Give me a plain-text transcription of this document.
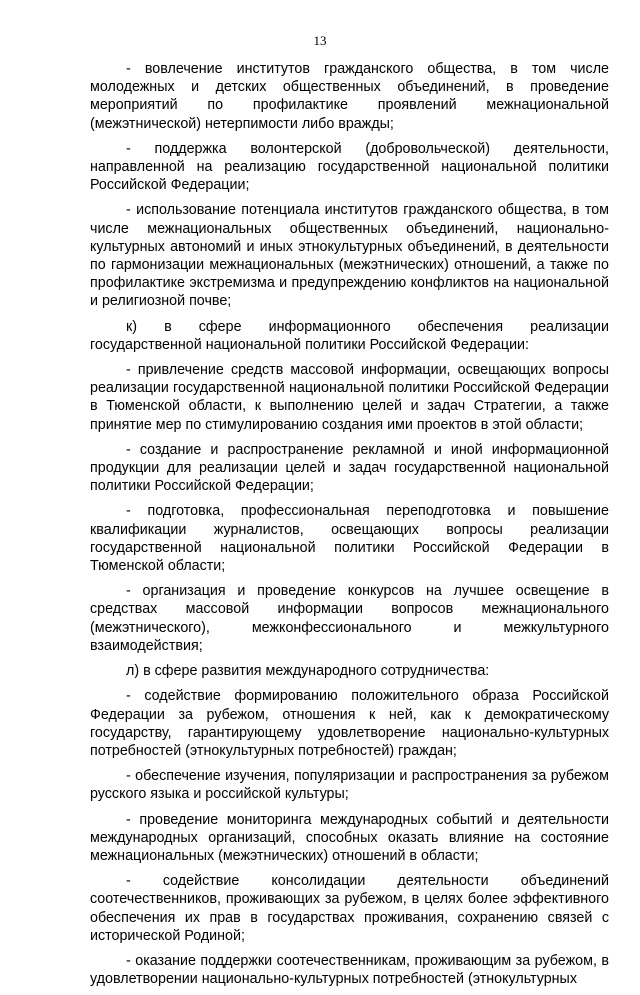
13

- вовлечение институтов гражданского общества, в том числе молодежных и детских общественных объединений, в проведение мероприятий по профилактике проявлений межнациональной (межэтнической) нетерпимости либо вражды;

- поддержка волонтерской (добровольческой) деятельности, направленной на реализацию государственной национальной политики Российской Федерации;

- использование потенциала институтов гражданского общества, в том числе межнациональных общественных объединений, национально-культурных автономий и иных этнокультурных объединений, в деятельности по гармонизации межнациональных (межэтнических) отношений, а также по профилактике экстремизма и предупреждению конфликтов на национальной и религиозной почве;

к) в сфере информационного обеспечения реализации государственной национальной политики Российской Федерации:

- привлечение средств массовой информации, освещающих вопросы реализации государственной национальной политики Российской Федерации в Тюменской области, к выполнению целей и задач Стратегии, а также принятие мер по стимулированию создания ими проектов в этой области;

- создание и распространение рекламной и иной информационной продукции для реализации целей и задач государственной национальной политики Российской Федерации;

- подготовка, профессиональная переподготовка и повышение квалификации журналистов, освещающих вопросы реализации государственной национальной политики Российской Федерации в Тюменской области;

- организация и проведение конкурсов на лучшее освещение в средствах массовой информации вопросов межнационального (межэтнического), межконфессионального и межкультурного взаимодействия;

л) в сфере развития международного сотрудничества:

- содействие формированию положительного образа Российской Федерации за рубежом, отношения к ней, как к демократическому государству, гарантирующему удовлетворение национально-культурных потребностей (этнокультурных потребностей) граждан;

- обеспечение изучения, популяризации и распространения за рубежом русского языка и российской культуры;

- проведение мониторинга международных событий и деятельности международных организаций, способных оказать влияние на состояние межнациональных (межэтнических) отношений в области;

- содействие консолидации деятельности объединений соотечественников, проживающих за рубежом, в целях более эффективного обеспечения их прав в государствах проживания, сохранению связей с исторической Родиной;

- оказание поддержки соотечественникам, проживающим за рубежом, в удовлетворении национально-культурных потребностей (этнокультурных
